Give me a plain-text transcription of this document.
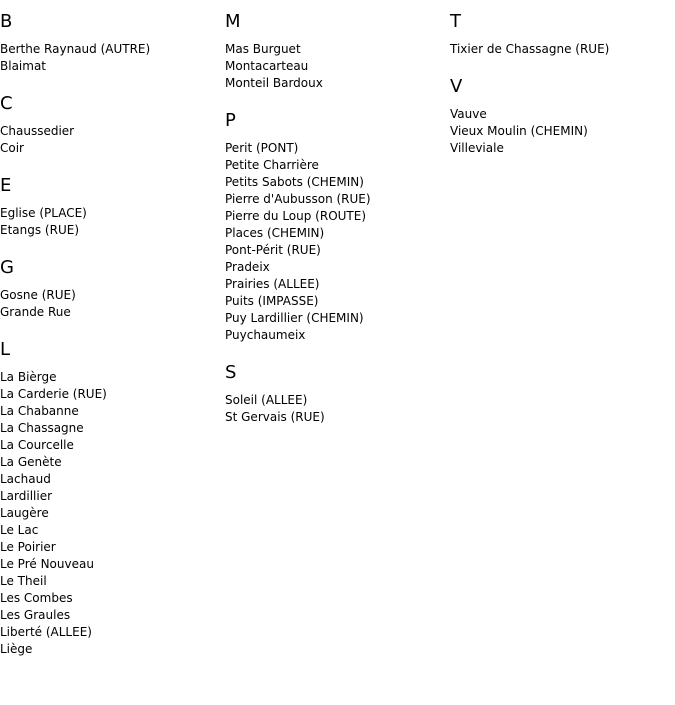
B
Berthe Raynaud (AUTRE)
Blaimat
C
Chaussedier
Coir
E
Eglise (PLACE)
Etangs (RUE)
G
Gosne (RUE)
Grande Rue
L
La Bièrge
La Carderie (RUE)
La Chabanne
La Chassagne
La Courcelle
La Genète
Lachaud
Lardillier
Laugère
Le Lac
Le Poirier
Le Pré Nouveau
Le Theil
Les Combes
Les Graules
Liberté (ALLEE)
Liège
M
Mas Burguet
Montacarteau
Monteil Bardoux
P
Perit (PONT)
Petite Charrière
Petits Sabots (CHEMIN)
Pierre d'Aubusson (RUE)
Pierre du Loup (ROUTE)
Places (CHEMIN)
Pont-Périt (RUE)
Pradeix
Prairies (ALLEE)
Puits (IMPASSE)
Puy Lardillier (CHEMIN)
Puychaumeix
S
Soleil (ALLEE)
St Gervais (RUE)
T
Tixier de Chassagne (RUE)
V
Vauve
Vieux Moulin (CHEMIN)
Villeviale
